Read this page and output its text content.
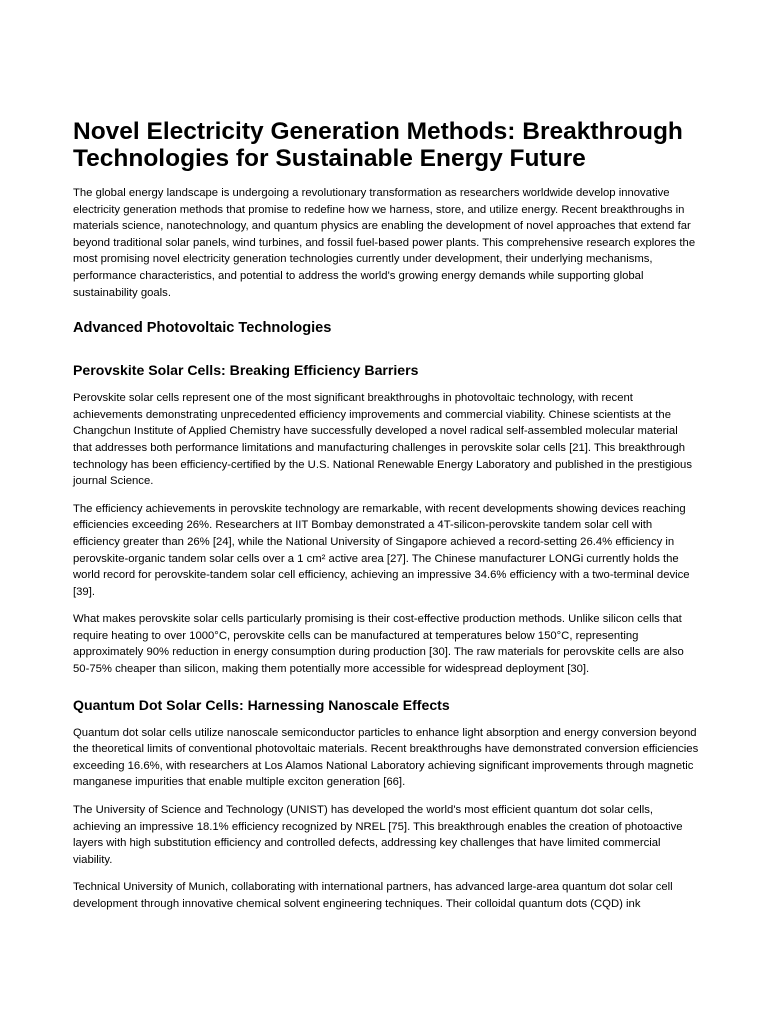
Novel Electricity Generation Methods: Breakthrough Technologies for Sustainable Energy Future

The global energy landscape is undergoing a revolutionary transformation as researchers worldwide develop innovative electricity generation methods that promise to redefine how we harness, store, and utilize energy. Recent breakthroughs in materials science, nanotechnology, and quantum physics are enabling the development of novel approaches that extend far beyond traditional solar panels, wind turbines, and fossil fuel-based power plants. This comprehensive research explores the most promising novel electricity generation technologies currently under development, their underlying mechanisms, performance characteristics, and potential to address the world's growing energy demands while supporting global sustainability goals.

Advanced Photovoltaic Technologies
Perovskite Solar Cells: Breaking Efficiency Barriers

Perovskite solar cells represent one of the most significant breakthroughs in photovoltaic technology, with recent achievements demonstrating unprecedented efficiency improvements and commercial viability. Chinese scientists at the Changchun Institute of Applied Chemistry have successfully developed a novel radical self-assembled molecular material that addresses both performance limitations and manufacturing challenges in perovskite solar cells [21]. This breakthrough technology has been efficiency-certified by the U.S. National Renewable Energy Laboratory and published in the prestigious journal Science.

The efficiency achievements in perovskite technology are remarkable, with recent developments showing devices reaching efficiencies exceeding 26%. Researchers at IIT Bombay demonstrated a 4T-silicon-perovskite tandem solar cell with efficiency greater than 26% [24], while the National University of Singapore achieved a record-setting 26.4% efficiency in perovskite-organic tandem solar cells over a 1 cm² active area [27]. The Chinese manufacturer LONGi currently holds the world record for perovskite-tandem solar cell efficiency, achieving an impressive 34.6% efficiency with a two-terminal device [39].

What makes perovskite solar cells particularly promising is their cost-effective production methods. Unlike silicon cells that require heating to over 1000°C, perovskite cells can be manufactured at temperatures below 150°C, representing approximately 90% reduction in energy consumption during production [30]. The raw materials for perovskite cells are also 50-75% cheaper than silicon, making them potentially more accessible for widespread deployment [30].

Quantum Dot Solar Cells: Harnessing Nanoscale Effects

Quantum dot solar cells utilize nanoscale semiconductor particles to enhance light absorption and energy conversion beyond the theoretical limits of conventional photovoltaic materials. Recent breakthroughs have demonstrated conversion efficiencies exceeding 16.6%, with researchers at Los Alamos National Laboratory achieving significant improvements through magnetic manganese impurities that enable multiple exciton generation [66].

The University of Science and Technology (UNIST) has developed the world's most efficient quantum dot solar cells, achieving an impressive 18.1% efficiency recognized by NREL [75]. This breakthrough enables the creation of photoactive layers with high substitution efficiency and controlled defects, addressing key challenges that have limited commercial viability.

Technical University of Munich, collaborating with international partners, has advanced large-area quantum dot solar cell development through innovative chemical solvent engineering techniques. Their colloidal quantum dots (CQD) ink
